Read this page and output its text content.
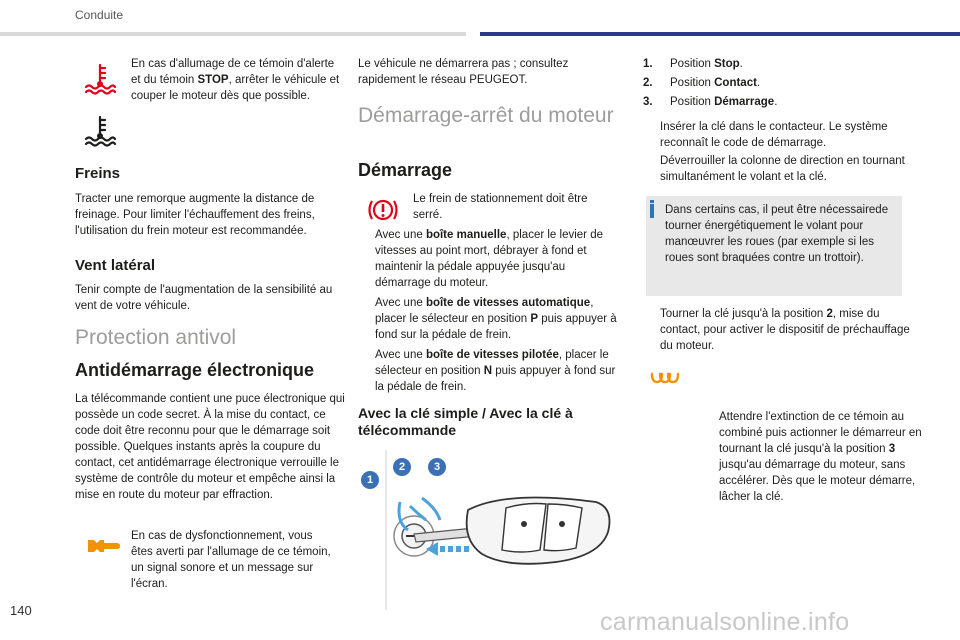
Conduite

En cas d'allumage de ce témoin d'alerte et du témoin STOP, arrêter le véhicule et couper le moteur dès que possible.

Freins

Tracter une remorque augmente la distance de freinage. Pour limiter l'échauffement des freins, l'utilisation du frein moteur est recommandée.

Vent latéral

Tenir compte de l'augmentation de la sensibilité au vent de votre véhicule.

Protection antivol
Antidémarrage électronique

La télécommande contient une puce électronique qui possède un code secret. À la mise du contact, ce code doit être reconnu pour que le démarrage soit possible. Quelques instants après la coupure du contact, cet antidémarrage électronique verrouille le système de contrôle du moteur et empêche ainsi la mise en route du moteur par effraction.

En cas de dysfonctionnement, vous êtes averti par l'allumage de ce témoin, un signal sonore et un message sur l'écran.

Le véhicule ne démarrera pas ; consultez rapidement le réseau PEUGEOT.

Démarrage-arrêt du moteur
Démarrage

Le frein de stationnement doit être serré.

Avec une boîte manuelle, placer le levier de vitesses au point mort, débrayer à fond et maintenir la pédale appuyée jusqu'au démarrage du moteur.

Avec une boîte de vitesses automatique, placer le sélecteur en position P puis appuyer à fond sur la pédale de frein.

Avec une boîte de vitesses pilotée, placer le sélecteur en position N puis appuyer à fond sur la pédale de frein.

Avec la clé simple / Avec la clé à télécommande
1
2	3
1. Position Stop.
2. Position Contact.
3. Position Démarrage.

Insérer la clé dans le contacteur. Le système reconnaît le code de démarrage.

Déverrouiller la colonne de direction en tournant simultanément le volant et la clé.

Dans certains cas, il peut être nécessairede tourner énergétiquement le volant pour manœuvrer les roues (par exemple si les roues sont braquées contre un trottoir).

Tourner la clé jusqu'à la position 2, mise du contact, pour activer le dispositif de préchauffage du moteur.

Attendre l'extinction de ce témoin au combiné puis actionner le démarreur en tournant la clé jusqu'à la position 3 jusqu'au démarrage du moteur, sans accélérer. Dès que le moteur démarre, lâcher la clé.

140	carmanualsonline.info
